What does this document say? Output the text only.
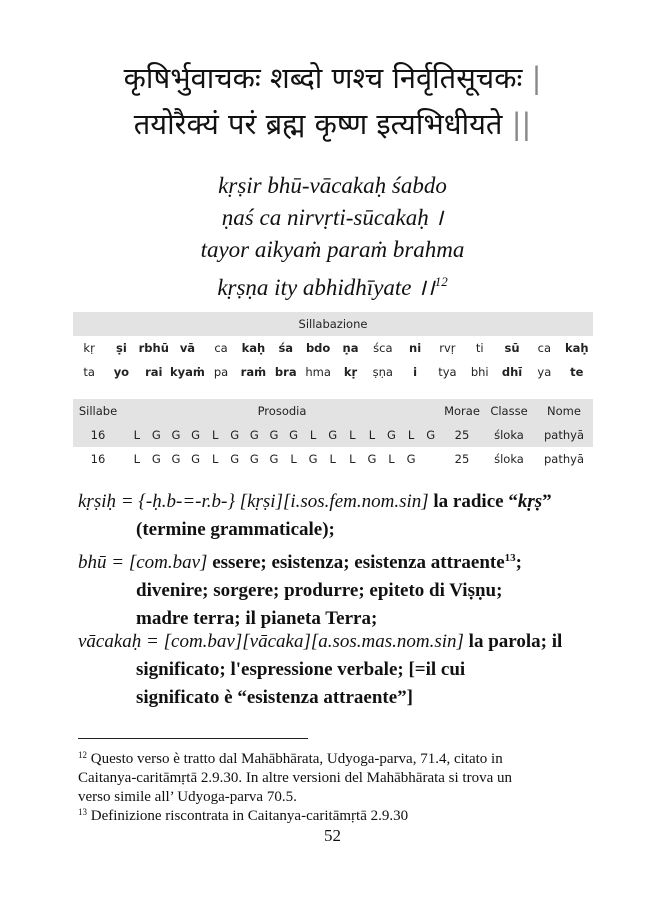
कृषिर्भुवाचकः शब्दो णश्च निर्वृतिसूचकः |
तयोरैक्यं परं ब्रह्म कृष्ण इत्यभिधीयते ||
kṛṣir bhū-vācakaḥ śabdo
ṇaś ca nirvṛti-sūcakaḥ ।
tayor aikyaṁ paraṁ brahma
kṛṣṇa ity abhidhīyate ।।$^{12}$
Sillabazione															
kṛ	ṣi	rbhū	vā	ca	kaḥ	śa	bdo	ṇa	śca	ni	rvṛ	ti	sū	ca	kaḥ
ta	yo	rai	kyaṁ	pa	raṁ	bra	hma	kṛ	ṣṇa	i	tya	bhi	dhī	ya	te
Sillabe	Prosodia	Morae	Classe	Nome
16	L G G G L G G G G L G L L G L G	25	śloka	pathyā
16	L G G G L G G G L G L L G L G	25	śloka	pathyā
kṛṣiḥ = {-ḥ.b-=-r.b-} [kṛṣi][i.sos.fem.nom.sin] la radice “kṛṣ”
(termine grammaticale);
bhū = [com.bav] essere; esistenza; esistenza attraente$^{13}$;
divenire; sorgere; produrre; epiteto di Viṣṇu;
madre terra; il pianeta Terra;
vācakaḥ = [com.bav][vācaka][a.sos.mas.nom.sin] la parola; il
significato; l'espressione verbale; [=il cui
significato è “esistenza attraente”]
$^{12}$ Questo verso è tratto dal Mahābhārata, Udyoga-parva, 71.4, citato in
Caitanya-caritāmṛtā 2.9.30. In altre versioni del Mahābhārata si trova un
verso simile all’ Udyoga-parva 70.5.
$^{13}$ Definizione riscontrata in Caitanya-caritāmṛtā 2.9.30
52
